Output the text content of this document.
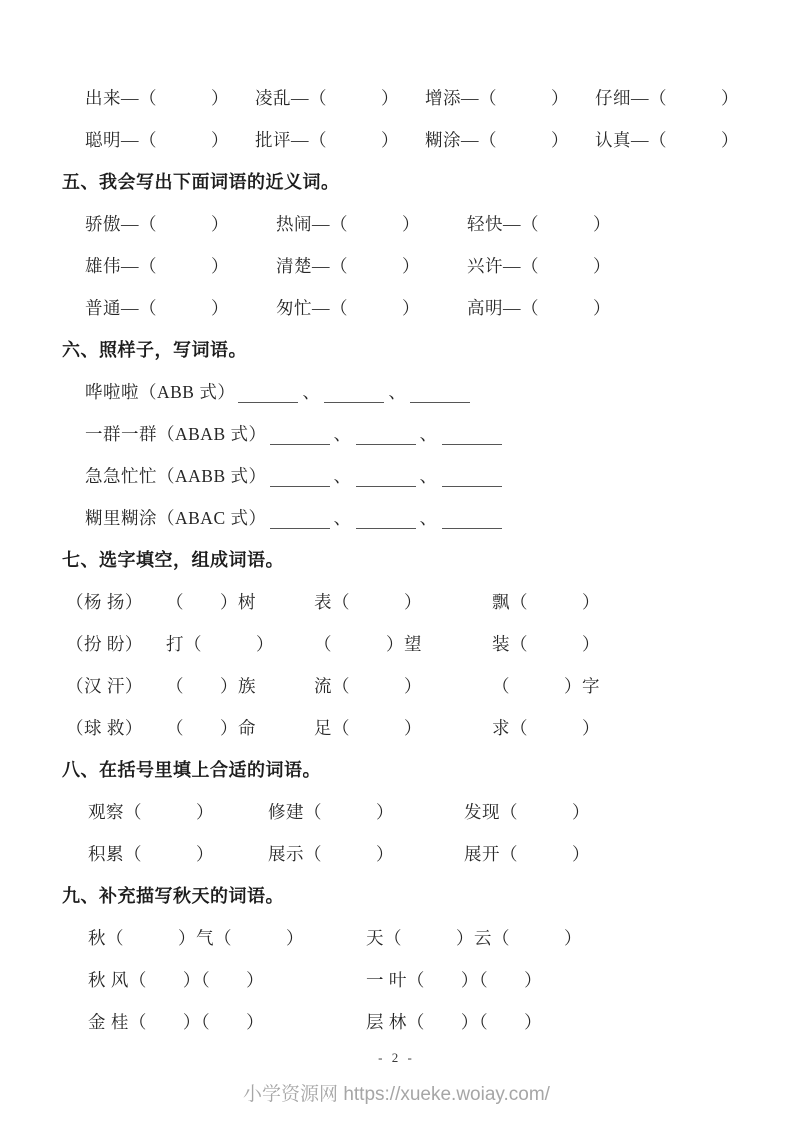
出来—（　　　）	凌乱—（　　　）	增添—（　　　）	仔细—（　　　）
聪明—（　　　）	批评—（　　　）	糊涂—（　　　）	认真—（　　　）
五、我会写出下面词语的近义词。
骄傲—（　　　）	热闹—（　　　）	轻快—（　　　）
雄伟—（　　　）	清楚—（　　　）	兴许—（　　　）
普通—（　　　）	匆忙—（　　　）	高明—（　　　）
六、照样子，写词语。
哗啦啦（ABB 式）	、	、
一群一群（ABAB 式）	、	、
急急忙忙（AABB 式）	、	、
糊里糊涂（ABAC 式）	、	、
七、选字填空，组成词语。
（杨 扬）	（　　）树	表（　　　）	飘（　　　）
（扮 盼）	打（　　　）	（　　　）望	装（　　　）
（汉 汗）	（　　）族	流（　　　）	（　　　）字
（球 救）	（　　）命	足（　　　）	求（　　　）
八、在括号里填上合适的词语。
观察（　　　）	修建（　　　）	发现（　　　）
积累（　　　）	展示（　　　）	展开（　　　）
九、补充描写秋天的词语。
秋（　　　）气（　　　）	天（　　　）云（　　　）
秋 风（　　）（　　）	一 叶（　　）（　　）
金 桂（　　）（　　）	层 林（　　）（　　）
- 2 -
小学资源网 https://xueke.woiay.com/
